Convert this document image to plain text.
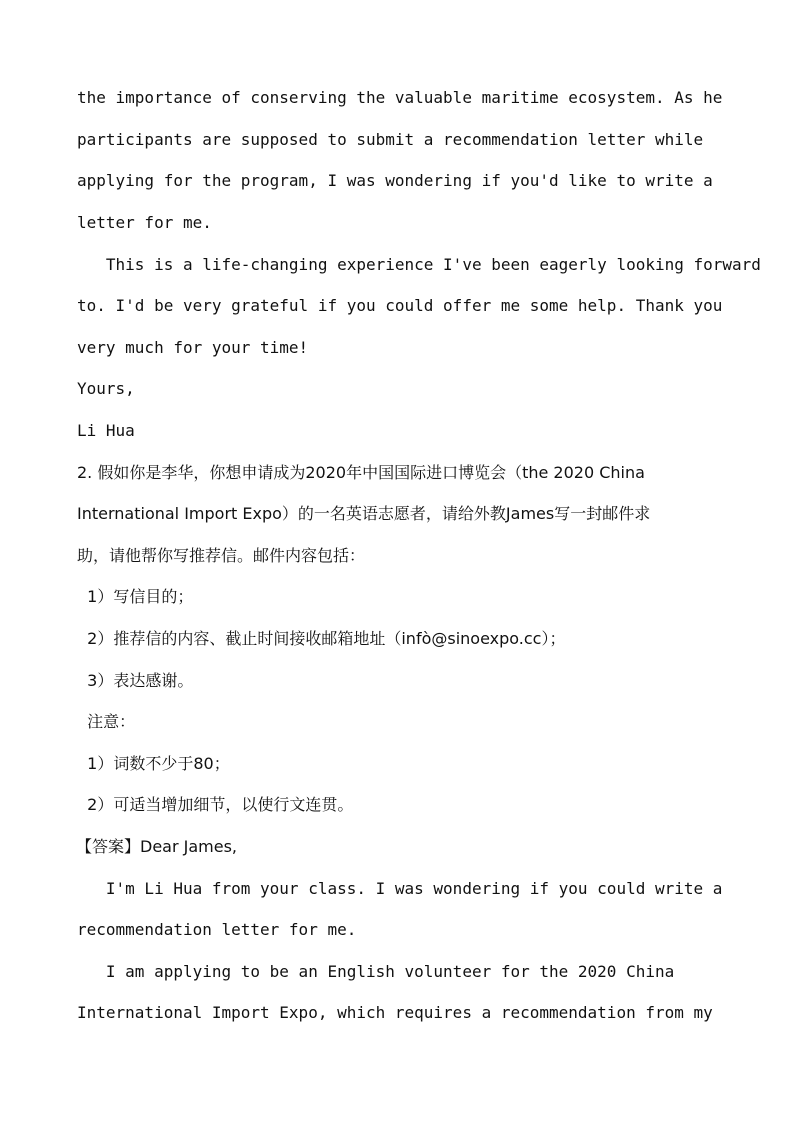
the importance of conserving the valuable maritime ecosystem. As he
participants are supposed to submit a recommendation letter while
applying for the program, I was wondering if you'd like to write a
letter for me.
This is a life-changing experience I've been eagerly looking forward
to. I'd be very grateful if you could offer me some help. Thank you
very much for your time!
Yours,
Li Hua
2. 假如你是李华，你想申请成为2020年中国国际进口博览会（the 2020 China
International Import Expo）的一名英语志愿者，请给外教James写一封邮件求
助，请他帮你写推荐信。邮件内容包括：
1）写信目的；
2）推荐信的内容、截止时间接收邮箱地址（infò@sinoexpo.cc）；
3）表达感谢。
注意：
1）词数不少于80；
2）可适当增加细节，以使行文连贯。
【答案】Dear James,
I'm Li Hua from your class. I was wondering if you could write a
recommendation letter for me.
I am applying to be an English volunteer for the 2020 China
International Import Expo, which requires a recommendation from my
